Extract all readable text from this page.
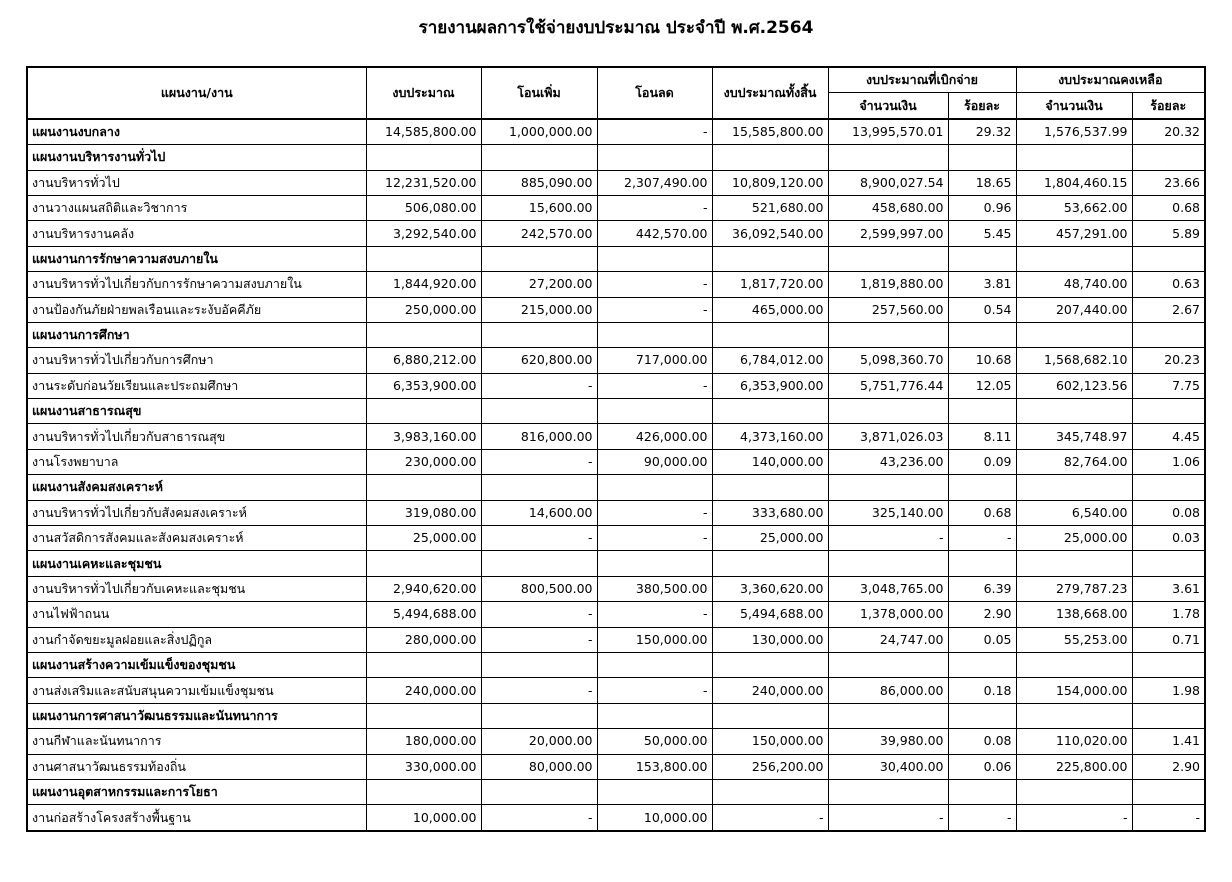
รายงานผลการใช้จ่ายงบประมาณ ประจำปี พ.ศ.2564
แผนงาน/งาน	งบประมาณ	โอนเพิ่ม	โอนลด	งบประมาณทั้งสิ้น	งบประมาณที่เบิกจ่าย		งบประมาณคงเหลือ	
					จำนวนเงิน	ร้อยละ	จำนวนเงิน	ร้อยละ
แผนงานงบกลาง	14,585,800.00	1,000,000.00	-	15,585,800.00	13,995,570.01	29.32	1,576,537.99	20.32
แผนงานบริหารงานทั่วไป								
งานบริหารทั่วไป	12,231,520.00	885,090.00	2,307,490.00	10,809,120.00	8,900,027.54	18.65	1,804,460.15	23.66
งานวางแผนสถิติและวิชาการ	506,080.00	15,600.00	-	521,680.00	458,680.00	0.96	53,662.00	0.68
งานบริหารงานคลัง	3,292,540.00	242,570.00	442,570.00	36,092,540.00	2,599,997.00	5.45	457,291.00	5.89
แผนงานการรักษาความสงบภายใน								
งานบริหารทั่วไปเกี่ยวกับการรักษาความสงบภายใน	1,844,920.00	27,200.00	-	1,817,720.00	1,819,880.00	3.81	48,740.00	0.63
งานป้องกันภัยฝ่ายพลเรือนและระงับอัคคีภัย	250,000.00	215,000.00	-	465,000.00	257,560.00	0.54	207,440.00	2.67
แผนงานการศึกษา								
งานบริหารทั่วไปเกี่ยวกับการศึกษา	6,880,212.00	620,800.00	717,000.00	6,784,012.00	5,098,360.70	10.68	1,568,682.10	20.23
งานระดับก่อนวัยเรียนและประถมศึกษา	6,353,900.00	-	-	6,353,900.00	5,751,776.44	12.05	602,123.56	7.75
แผนงานสาธารณสุข								
งานบริหารทั่วไปเกี่ยวกับสาธารณสุข	3,983,160.00	816,000.00	426,000.00	4,373,160.00	3,871,026.03	8.11	345,748.97	4.45
งานโรงพยาบาล	230,000.00	-	90,000.00	140,000.00	43,236.00	0.09	82,764.00	1.06
แผนงานสังคมสงเคราะห์								
งานบริหารทั่วไปเกี่ยวกับสังคมสงเคราะห์	319,080.00	14,600.00	-	333,680.00	325,140.00	0.68	6,540.00	0.08
งานสวัสดิการสังคมและสังคมสงเคราะห์	25,000.00	-	-	25,000.00	-	-	25,000.00	0.03
แผนงานเคหะและชุมชน								
งานบริหารทั่วไปเกี่ยวกับเคหะและชุมชน	2,940,620.00	800,500.00	380,500.00	3,360,620.00	3,048,765.00	6.39	279,787.23	3.61
งานไฟฟ้าถนน	5,494,688.00	-	-	5,494,688.00	1,378,000.00	2.90	138,668.00	1.78
งานกำจัดขยะมูลฝอยและสิ่งปฏิกูล	280,000.00	-	150,000.00	130,000.00	24,747.00	0.05	55,253.00	0.71
แผนงานสร้างความเข้มแข็งของชุมชน								
งานส่งเสริมและสนับสนุนความเข้มแข็งชุมชน	240,000.00	-	-	240,000.00	86,000.00	0.18	154,000.00	1.98
แผนงานการศาสนาวัฒนธรรมและนันทนาการ								
งานกีฬาและนันทนาการ	180,000.00	20,000.00	50,000.00	150,000.00	39,980.00	0.08	110,020.00	1.41
งานศาสนาวัฒนธรรมท้องถิ่น	330,000.00	80,000.00	153,800.00	256,200.00	30,400.00	0.06	225,800.00	2.90
แผนงานอุตสาหกรรมและการโยธา								
งานก่อสร้างโครงสร้างพื้นฐาน	10,000.00	-	10,000.00	-	-	-	-	-
